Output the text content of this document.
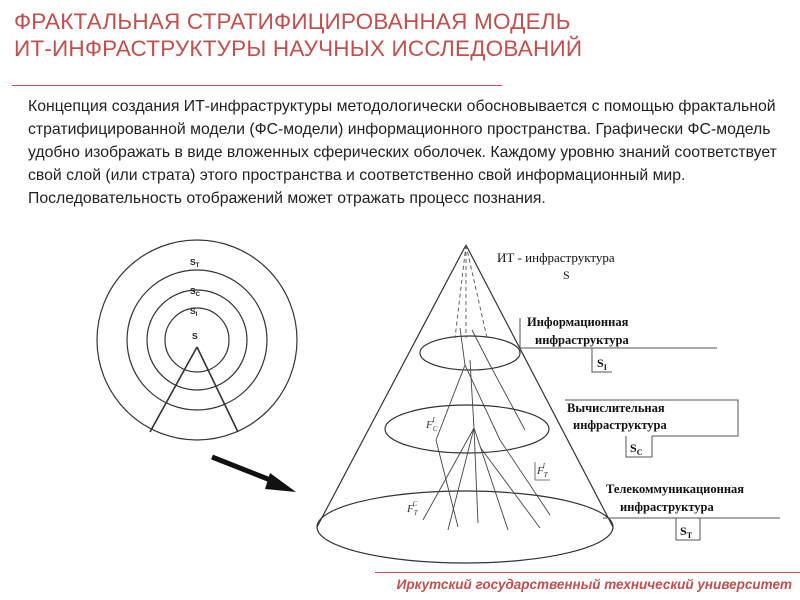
ФРАКТАЛЬНАЯ СТРАТИФИЦИРОВАННАЯ МОДЕЛЬ
ИТ-ИНФРАСТРУКТУРЫ НАУЧНЫХ ИССЛЕДОВАНИЙ
Концепция создания ИТ-инфраструктуры методологически обосновывается с помощью фрактальной стратифицированной модели (ФС-модели) информационного пространства. Графически ФС-модель удобно изображать в виде вложенных сферических оболочек. Каждому уровню знаний соответствует свой слой (или страта) этого пространства и соответственно свой информационный мир. Последовательность отображений может отражать процесс познания.
$S_T$
$S_C$
$S_I$
S
ИТ - инфраструктура
S
Информационная
инфраструктура
Вычислительная
инфраструктура
Телекоммуникационная
инфраструктура
$S_I$
$S_C$
$S_T$
$F_CI$
$F_TI$
$F_TC$
Иркутский государственный технический университет
